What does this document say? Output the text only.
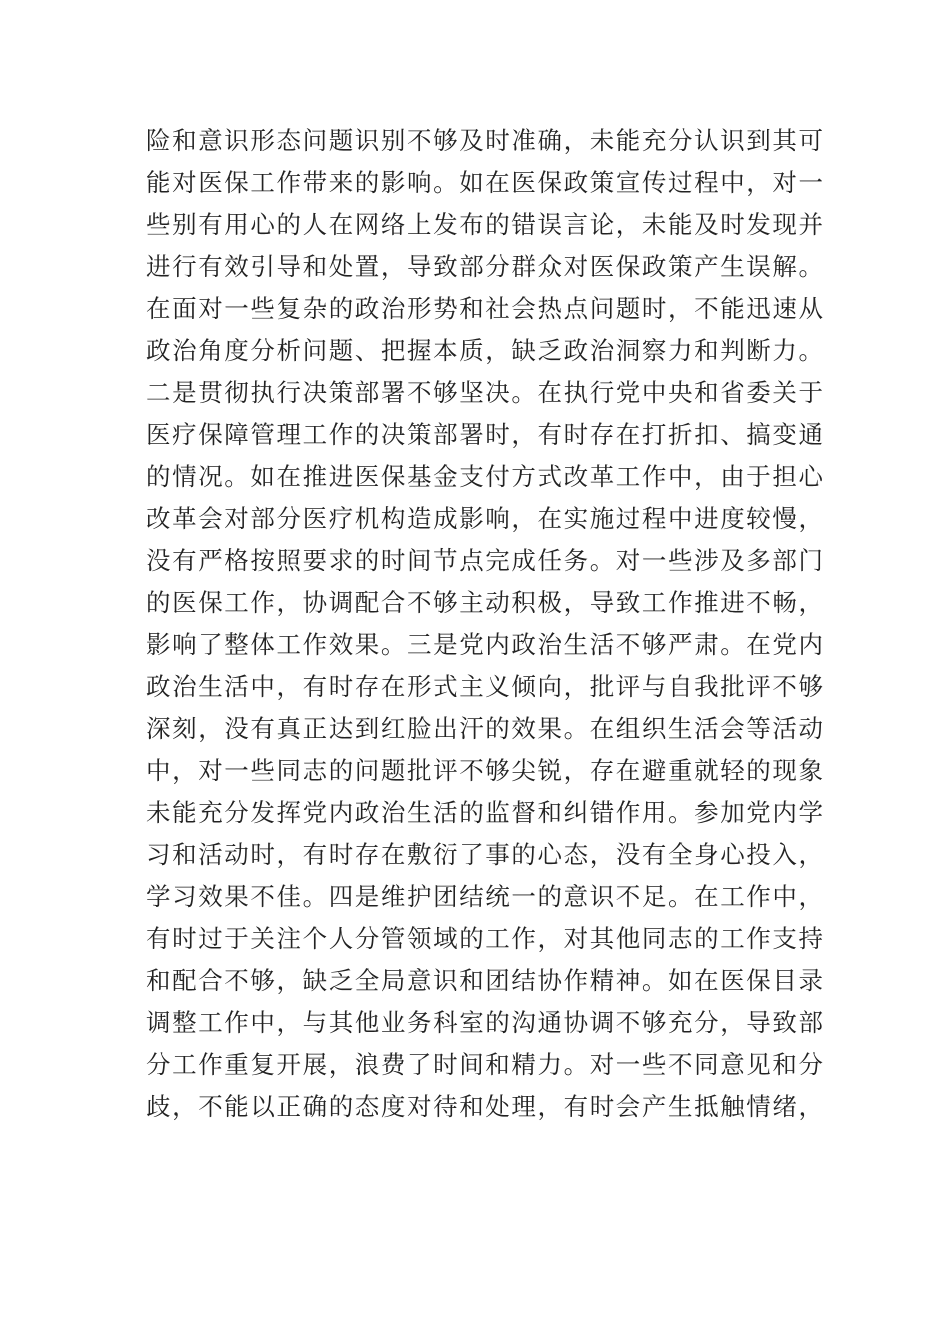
险和意识形态问题识别不够及时准确，未能充分认识到其可
能对医保工作带来的影响。如在医保政策宣传过程中，对一
些别有用心的人在网络上发布的错误言论，未能及时发现并
进行有效引导和处置，导致部分群众对医保政策产生误解。
在面对一些复杂的政治形势和社会热点问题时，不能迅速从
政治角度分析问题、把握本质，缺乏政治洞察力和判断力。
二是贯彻执行决策部署不够坚决。在执行党中央和省委关于
医疗保障管理工作的决策部署时，有时存在打折扣、搞变通
的情况。如在推进医保基金支付方式改革工作中，由于担心
改革会对部分医疗机构造成影响，在实施过程中进度较慢，
没有严格按照要求的时间节点完成任务。对一些涉及多部门
的医保工作，协调配合不够主动积极，导致工作推进不畅，
影响了整体工作效果。三是党内政治生活不够严肃。在党内
政治生活中，有时存在形式主义倾向，批评与自我批评不够
深刻，没有真正达到红脸出汗的效果。在组织生活会等活动
中，对一些同志的问题批评不够尖锐，存在避重就轻的现象
未能充分发挥党内政治生活的监督和纠错作用。参加党内学
习和活动时，有时存在敷衍了事的心态，没有全身心投入，
学习效果不佳。四是维护团结统一的意识不足。在工作中，
有时过于关注个人分管领域的工作，对其他同志的工作支持
和配合不够，缺乏全局意识和团结协作精神。如在医保目录
调整工作中，与其他业务科室的沟通协调不够充分，导致部
分工作重复开展，浪费了时间和精力。对一些不同意见和分
歧，不能以正确的态度对待和处理，有时会产生抵触情绪，
